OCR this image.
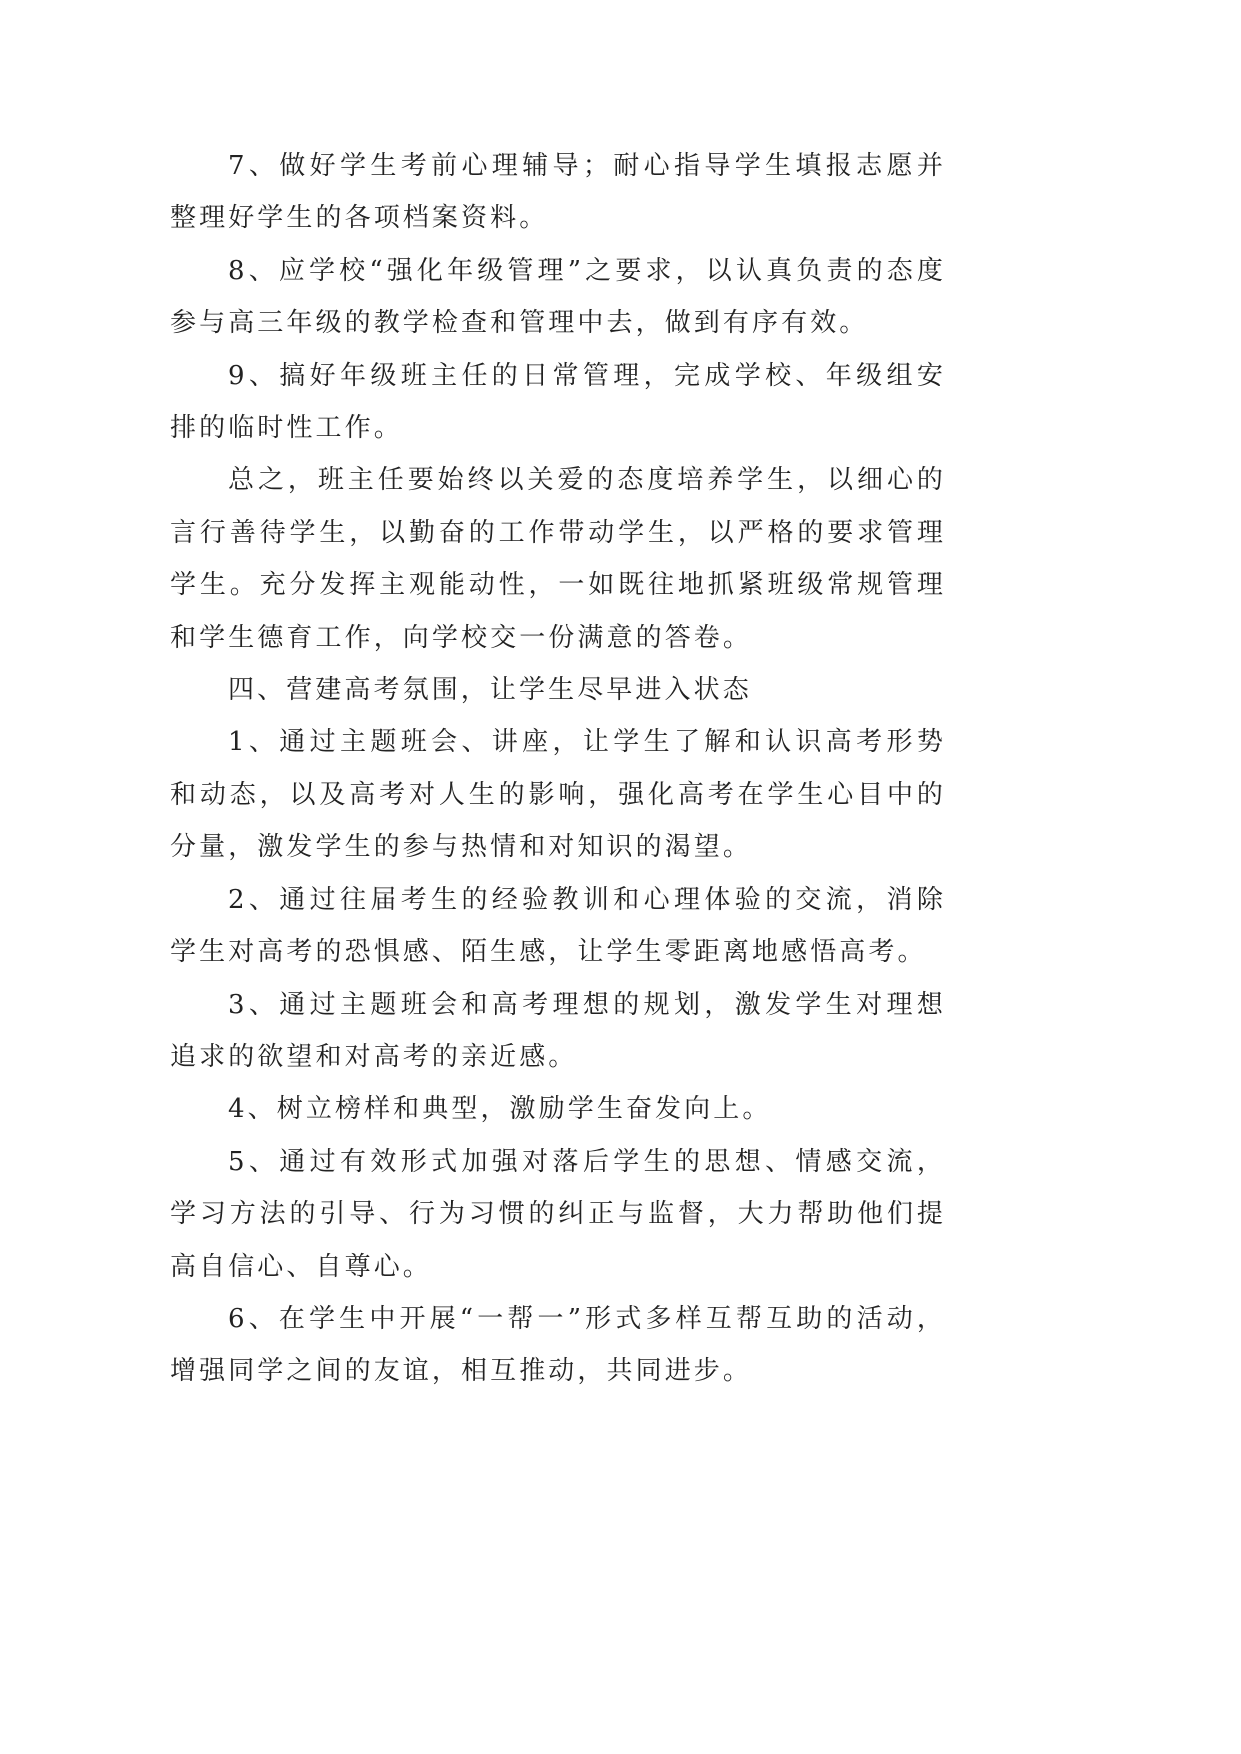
7、做好学生考前心理辅导；耐心指导学生填报志愿并整理好学生的各项档案资料。

8、应学校“强化年级管理”之要求，以认真负责的态度参与高三年级的教学检查和管理中去，做到有序有效。

9、搞好年级班主任的日常管理，完成学校、年级组安排的临时性工作。

总之，班主任要始终以关爱的态度培养学生，以细心的言行善待学生，以勤奋的工作带动学生，以严格的要求管理学生。充分发挥主观能动性，一如既往地抓紧班级常规管理和学生德育工作，向学校交一份满意的答卷。

四、营建高考氛围，让学生尽早进入状态

1、通过主题班会、讲座，让学生了解和认识高考形势和动态，以及高考对人生的影响，强化高考在学生心目中的分量，激发学生的参与热情和对知识的渴望。

2、通过往届考生的经验教训和心理体验的交流，消除学生对高考的恐惧感、陌生感，让学生零距离地感悟高考。

3、通过主题班会和高考理想的规划，激发学生对理想追求的欲望和对高考的亲近感。

4、树立榜样和典型，激励学生奋发向上。

5、通过有效形式加强对落后学生的思想、情感交流，学习方法的引导、行为习惯的纠正与监督，大力帮助他们提高自信心、自尊心。

6、在学生中开展“一帮一”形式多样互帮互助的活动，增强同学之间的友谊，相互推动，共同进步。
